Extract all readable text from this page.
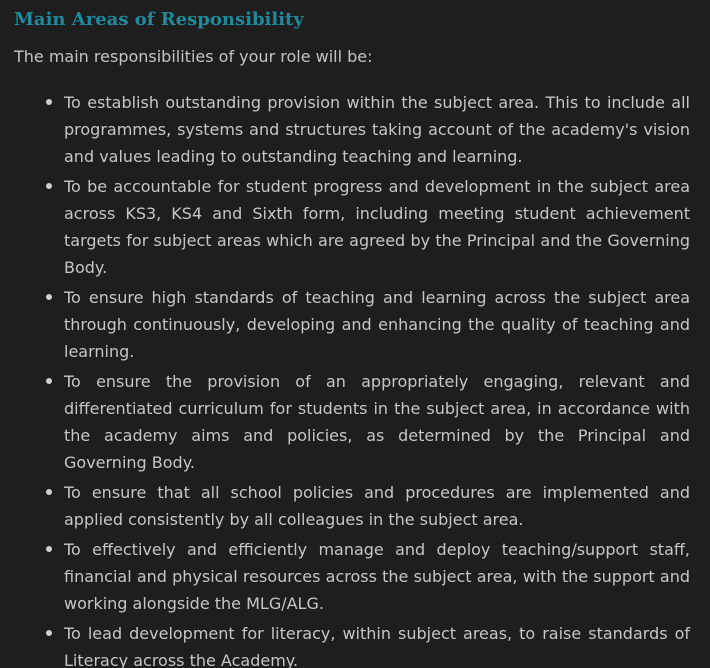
Main Areas of Responsibility

The main responsibilities of your role will be:

To establish outstanding provision within the subject area. This to include all programmes, systems and structures taking account of the academy's vision and values leading to outstanding teaching and learning.
To be accountable for student progress and development in the subject area across KS3, KS4 and Sixth form, including meeting student achievement targets for subject areas which are agreed by the Principal and the Governing Body.
To ensure high standards of teaching and learning across the subject area through continuously, developing and enhancing the quality of teaching and learning.
To ensure the provision of an appropriately engaging, relevant and differentiated curriculum for students in the subject area, in accordance with the academy aims and policies, as determined by the Principal and Governing Body.
To ensure that all school policies and procedures are implemented and applied consistently by all colleagues in the subject area.
To effectively and efficiently manage and deploy teaching/support staff, financial and physical resources across the subject area, with the support and working alongside the MLG/ALG.
To lead development for literacy, within subject areas, to raise standards of Literacy across the Academy.
